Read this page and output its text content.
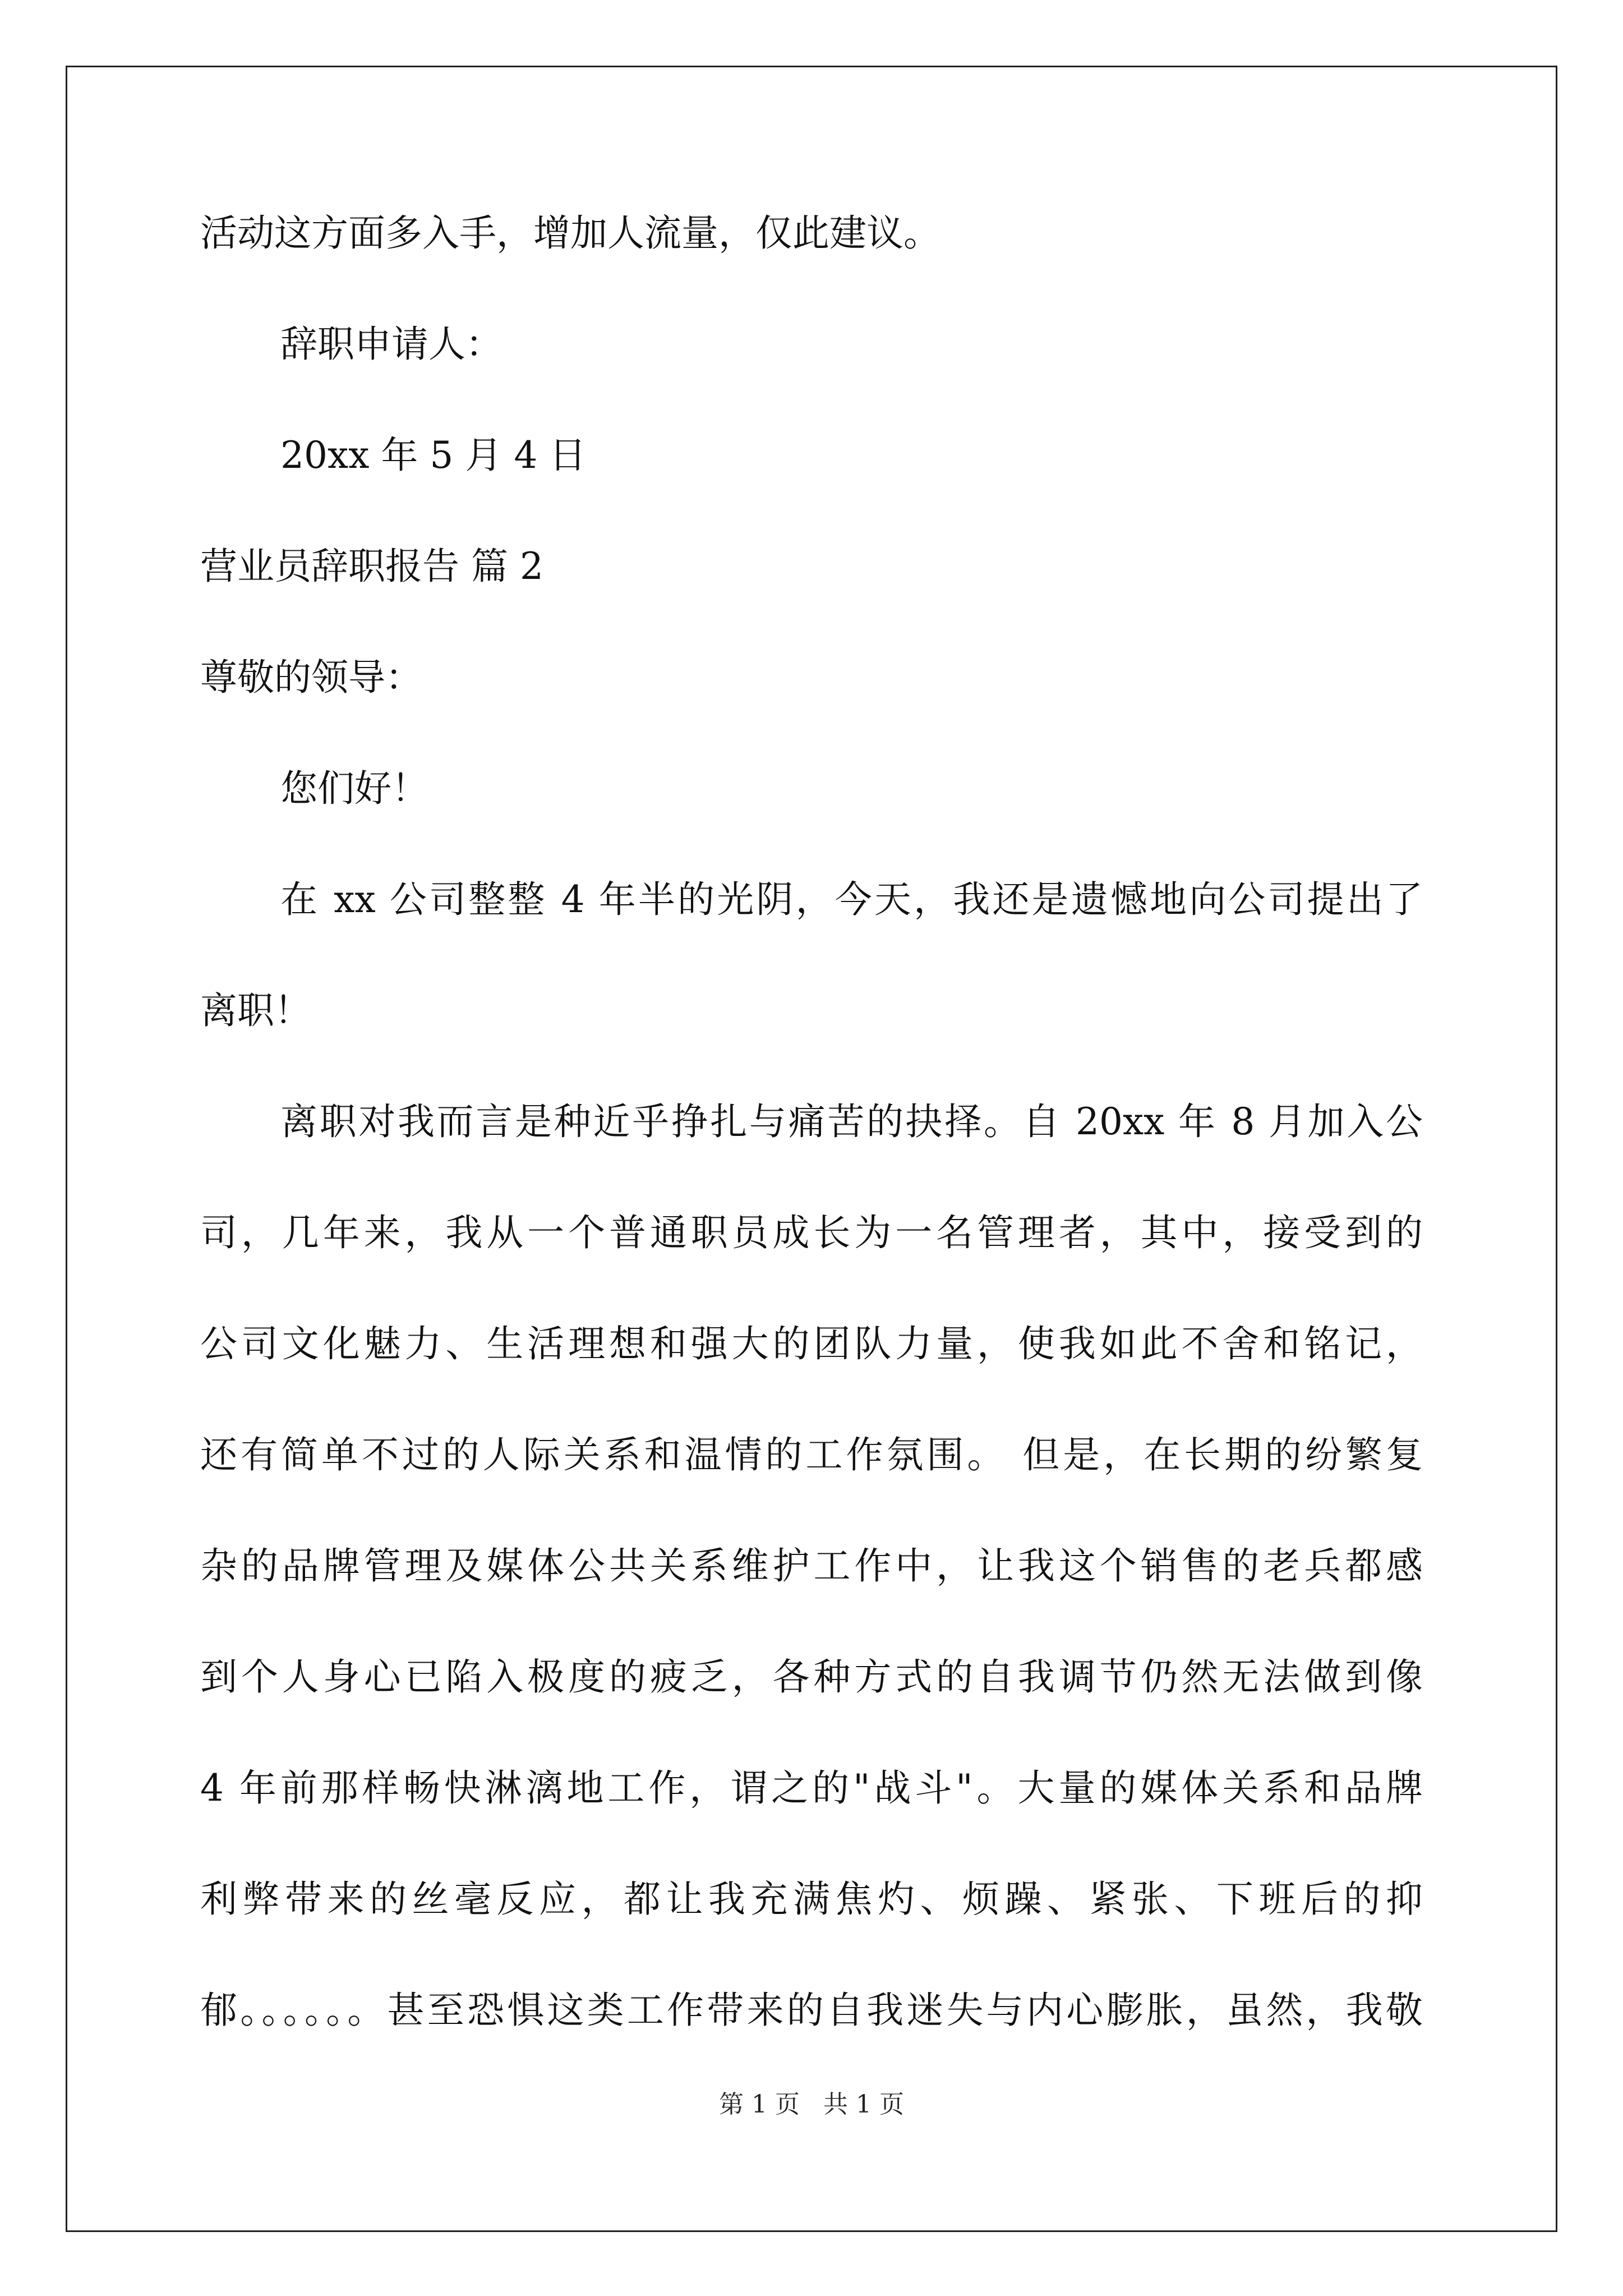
活动这方面多入手，增加人流量，仅此建议。
辞职申请人：
20xx 年 5 月 4 日
营业员辞职报告 篇 2
尊敬的领导：
您们好！
在 xx 公司整整 4 年半的光阴，今天，我还是遗憾地向公司提出了
离职！
离职对我而言是种近乎挣扎与痛苦的抉择。自 20xx 年 8 月加入公
司，几年来，我从一个普通职员成长为一名管理者，其中，接受到的
公司文化魅力、生活理想和强大的团队力量，使我如此不舍和铭记，
还有简单不过的人际关系和温情的工作氛围。 但是，在长期的纷繁复
杂的品牌管理及媒体公共关系维护工作中，让我这个销售的老兵都感
到个人身心已陷入极度的疲乏，各种方式的自我调节仍然无法做到像
4 年前那样畅快淋漓地工作，谓之的"战斗"。大量的媒体关系和品牌
利弊带来的丝毫反应，都让我充满焦灼、烦躁、紧张、下班后的抑
郁。。。。。。甚至恐惧这类工作带来的自我迷失与内心膨胀，虽然，我敬
第 1 页   共 1 页
